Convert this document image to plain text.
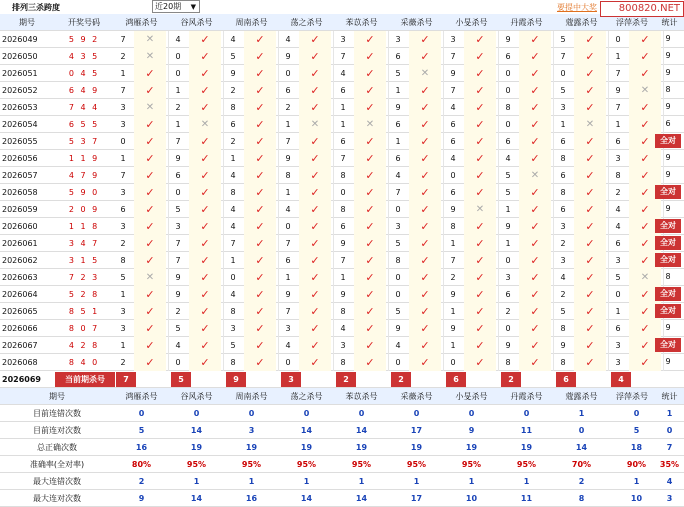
排列三杀跨度	近20期 ▼	要提中大奖
期号	开奖号码	鸿雁杀号	谷风杀号	周南杀号	荡之杀号	苯苡杀号	采薇杀号	小旻杀号	丹霞杀号	蔻露杀号	浮萍杀号	统计
2026049	5 9 2	7	✕	4	✓	4	✓	4	✓	3	✓	3	✓	3	✓	9	✓	5	✓	0	✓	9
2026050	4 3 5	2	✕	0	✓	5	✓	9	✓	7	✓	6	✓	7	✓	6	✓	7	✓	1	✓	9
2026051	0 4 5	1	✓	0	✓	9	✓	0	✓	4	✓	5	✕	9	✓	0	✓	0	✓	7	✓	9
2026052	6 4 9	7	✓	1	✓	2	✓	6	✓	6	✓	1	✓	7	✓	0	✓	5	✓	9	✕	8
2026053	7 4 4	3	✕	2	✓	8	✓	2	✓	1	✓	9	✓	4	✓	8	✓	3	✓	7	✓	9
2026054	6 5 5	3	✓	1	✕	6	✓	1	✕	1	✕	6	✓	6	✓	0	✓	1	✕	1	✓	6
2026055	5 3 7	0	✓	7	✓	2	✓	7	✓	6	✓	1	✓	6	✓	6	✓	6	✓	6	✓	全对
2026056	1 1 9	1	✓	9	✓	1	✓	9	✓	7	✓	6	✓	4	✓	4	✓	8	✓	3	✓	9
2026057	4 7 9	7	✓	6	✓	4	✓	8	✓	8	✓	4	✓	0	✓	5	✕	6	✓	8	✓	9
2026058	5 9 0	3	✓	0	✓	8	✓	1	✓	0	✓	7	✓	6	✓	5	✓	8	✓	2	✓	全对
2026059	2 0 9	6	✓	5	✓	4	✓	4	✓	8	✓	0	✓	9	✕	1	✓	6	✓	4	✓	9
2026060	1 1 8	3	✓	3	✓	4	✓	0	✓	6	✓	3	✓	8	✓	9	✓	3	✓	4	✓	全对
2026061	3 4 7	2	✓	7	✓	7	✓	7	✓	9	✓	5	✓	1	✓	1	✓	2	✓	6	✓	全对
2026062	3 1 5	8	✓	7	✓	1	✓	6	✓	7	✓	8	✓	7	✓	0	✓	3	✓	3	✓	全对
2026063	7 2 3	5	✕	9	✓	0	✓	1	✓	1	✓	0	✓	2	✓	3	✓	4	✓	5	✕	8
2026064	5 2 8	1	✓	9	✓	4	✓	9	✓	9	✓	0	✓	9	✓	6	✓	2	✓	0	✓	全对
2026065	8 5 1	3	✓	2	✓	8	✓	7	✓	8	✓	5	✓	1	✓	2	✓	5	✓	1	✓	全对
2026066	8 0 7	3	✓	5	✓	3	✓	3	✓	4	✓	9	✓	9	✓	0	✓	8	✓	6	✓	9
2026067	4 2 8	1	✓	4	✓	5	✓	4	✓	3	✓	4	✓	1	✓	9	✓	9	✓	3	✓	全对
2026068	8 4 0	2	✓	0	✓	8	✓	0	✓	8	✓	0	✓	0	✓	8	✓	8	✓	3	✓	9
2026069	当前期杀号	7	5	9	3	2	2	6	2	6	4
期号	鸿雁杀号	谷风杀号	周南杀号	荡之杀号	苯苡杀号	采薇杀号	小旻杀号	丹霞杀号	蔻露杀号	浮萍杀号	统计
目前连错次数	0	0	0	0	0	0	0	0	1	0	1
目前连对次数	5	14	3	14	14	17	9	11	0	5	0
总正确次数	16	19	19	19	19	19	19	19	14	18	7
准确率(全对率)	80%	95%	95%	95%	95%	95%	95%	95%	70%	90%	35%
最大连错次数	2	1	1	1	1	1	1	1	2	1	4
最大连对次数	9	14	16	14	14	17	10	11	8	10	3
800820.NET
